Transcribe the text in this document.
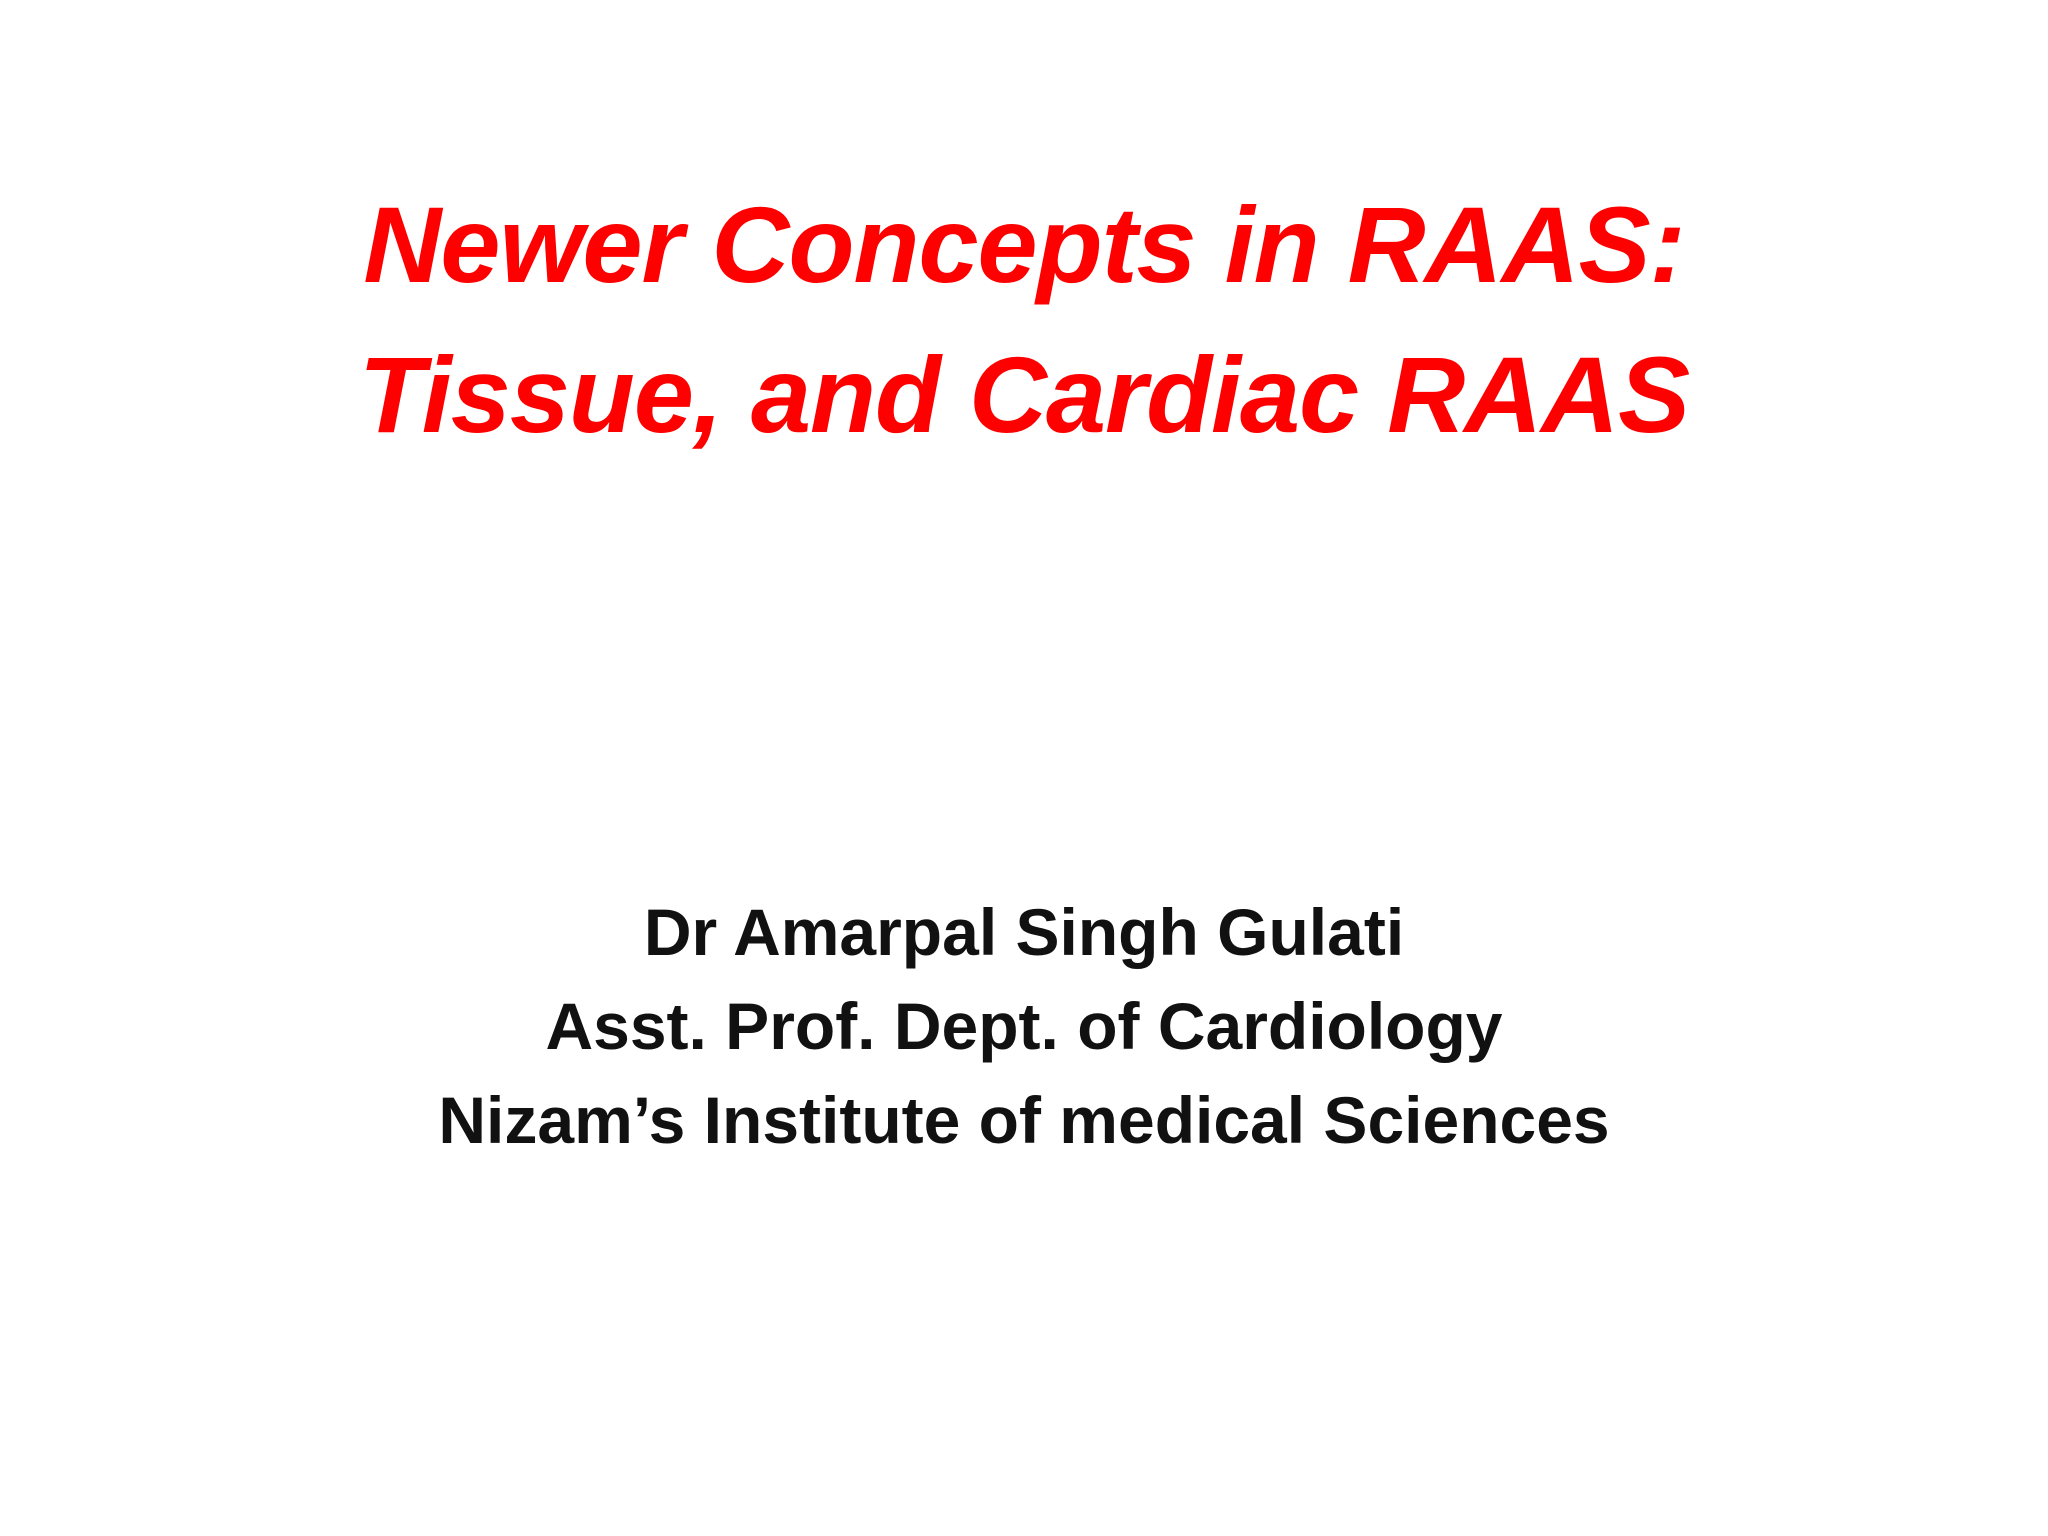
Newer Concepts in RAAS:
Tissue, and Cardiac RAAS
Dr Amarpal Singh Gulati
Asst. Prof. Dept. of Cardiology
Nizam’s Institute of medical Sciences
